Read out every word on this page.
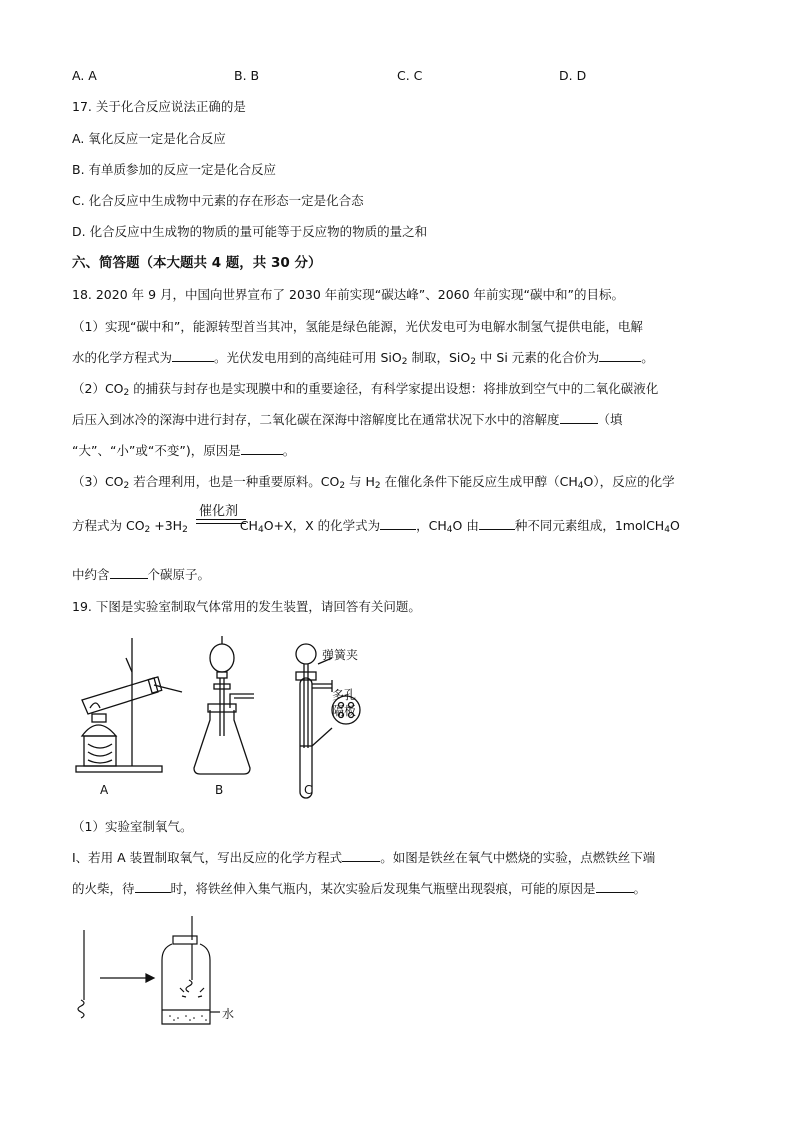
A. A	B. B	C. C	D. D
17. 关于化合反应说法正确的是
A. 氧化反应一定是化合反应
B. 有单质参加的反应一定是化合反应
C. 化合反应中生成物中元素的存在形态一定是化合态
D. 化合反应中生成物的物质的量可能等于反应物的物质的量之和
六、简答题（本大题共 4 题，共 30 分）
18. 2020 年 9 月，中国向世界宣布了 2030 年前实现“碳达峰”、2060 年前实现“碳中和”的目标。
（1）实现“碳中和”，能源转型首当其冲，氢能是绿色能源，光伏发电可为电解水制氢气提供电能，电解
水的化学方程式为	。光伏发电用到的高纯硅可用 SiO$_2$ 制取，SiO$_2$ 中 Si 元素的化合价为	。
$(2)CO_2$ 的捕获与封存也是实现膜中和的重要途径，有科学家提出设想：将排放到空气中的二氧化碳液化
后压入到冰冷的深海中进行封存，二氧化碳在深海中溶解度比在通常状况下水中的溶解度	（填
“大”、“小”或“不变”)，原因是	。
$(3)CO_2$ 若合理利用，也是一种重要原料。$CO_2$ 与 $H_2$ 在催化条件下能反应生成甲醇$(CH_4O)$，反应的化学
催化剂
方程式为 $CO_2 +3H_2$	$CH_4O+X$，X 的化学式为	，$CH_4O$ 由	种不同元素组成，1molCH$_4$O
中约含	个碳原子。
19. 下图是实验室制取气体常用的发生装置，请回答有关问题。
弹簧夹
多孔
隔板
A	B	C
（1）实验室制氧气。
I、若用 A 装置制取氧气，写出反应的化学方程式	。如图是铁丝在氧气中燃烧的实验，点燃铁丝下端
的火柴，待	时，将铁丝伸入集气瓶内，某次实验后发现集气瓶壁出现裂痕，可能的原因是	。
水
